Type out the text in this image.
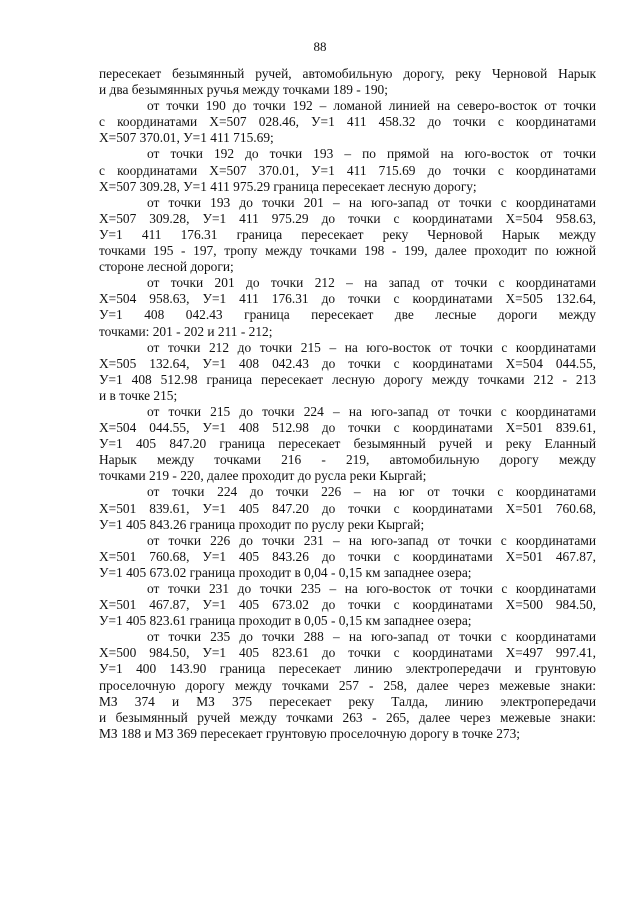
88
пересекает безымянный ручей, автомобильную дорогу, реку Черновой Нарык
и два безымянных ручья между точками 189 - 190;
от точки 190 до точки 192 – ломаной линией на северо-восток от точки
с координатами Х=507 028.46, У=1 411 458.32 до точки с координатами
Х=507 370.01, У=1 411 715.69;
от точки 192 до точки 193 – по прямой на юго-восток от точки
с координатами Х=507 370.01, У=1 411 715.69 до точки с координатами
Х=507 309.28, У=1 411 975.29 граница пересекает лесную дорогу;
от точки 193 до точки 201 – на юго-запад от точки с координатами
Х=507 309.28, У=1 411 975.29 до точки с координатами Х=504 958.63,
У=1 411 176.31 граница пересекает реку Черновой Нарык между
точками 195 - 197, тропу между точками 198 - 199, далее проходит по южной
стороне лесной дороги;
от точки 201 до точки 212 – на запад от точки с координатами
Х=504 958.63, У=1 411 176.31 до точки с координатами Х=505 132.64,
У=1 408 042.43 граница пересекает две лесные дороги между
точками: 201 - 202 и 211 - 212;
от точки 212 до точки 215 – на юго-восток от точки с координатами
Х=505 132.64, У=1 408 042.43 до точки с координатами Х=504 044.55,
У=1 408 512.98 граница пересекает лесную дорогу между точками 212 - 213
и в точке 215;
от точки 215 до точки 224 – на юго-запад от точки с координатами
Х=504 044.55, У=1 408 512.98 до точки с координатами Х=501 839.61,
У=1 405 847.20 граница пересекает безымянный ручей и реку Еланный
Нарык между точками 216 - 219, автомобильную дорогу между
точками 219 - 220, далее проходит до русла реки Кыргай;
от точки 224 до точки 226 – на юг от точки с координатами
Х=501 839.61, У=1 405 847.20 до точки с координатами Х=501 760.68,
У=1 405 843.26 граница проходит по руслу реки Кыргай;
от точки 226 до точки 231 – на юго-запад от точки с координатами
Х=501 760.68, У=1 405 843.26 до точки с координатами Х=501 467.87,
У=1 405 673.02 граница проходит в 0,04 - 0,15 км западнее озера;
от точки 231 до точки 235 – на юго-восток от точки с координатами
Х=501 467.87, У=1 405 673.02 до точки с координатами Х=500 984.50,
У=1 405 823.61 граница проходит в 0,05 - 0,15 км западнее озера;
от точки 235 до точки 288 – на юго-запад от точки с координатами
Х=500 984.50, У=1 405 823.61 до точки с координатами Х=497 997.41,
У=1 400 143.90 граница пересекает линию электропередачи и грунтовую
проселочную дорогу между точками 257 - 258, далее через межевые знаки:
МЗ 374 и МЗ 375 пересекает реку Талда, линию электропередачи
и безымянный ручей между точками 263 - 265, далее через межевые знаки:
МЗ 188 и МЗ 369 пересекает грунтовую проселочную дорогу в точке 273;
